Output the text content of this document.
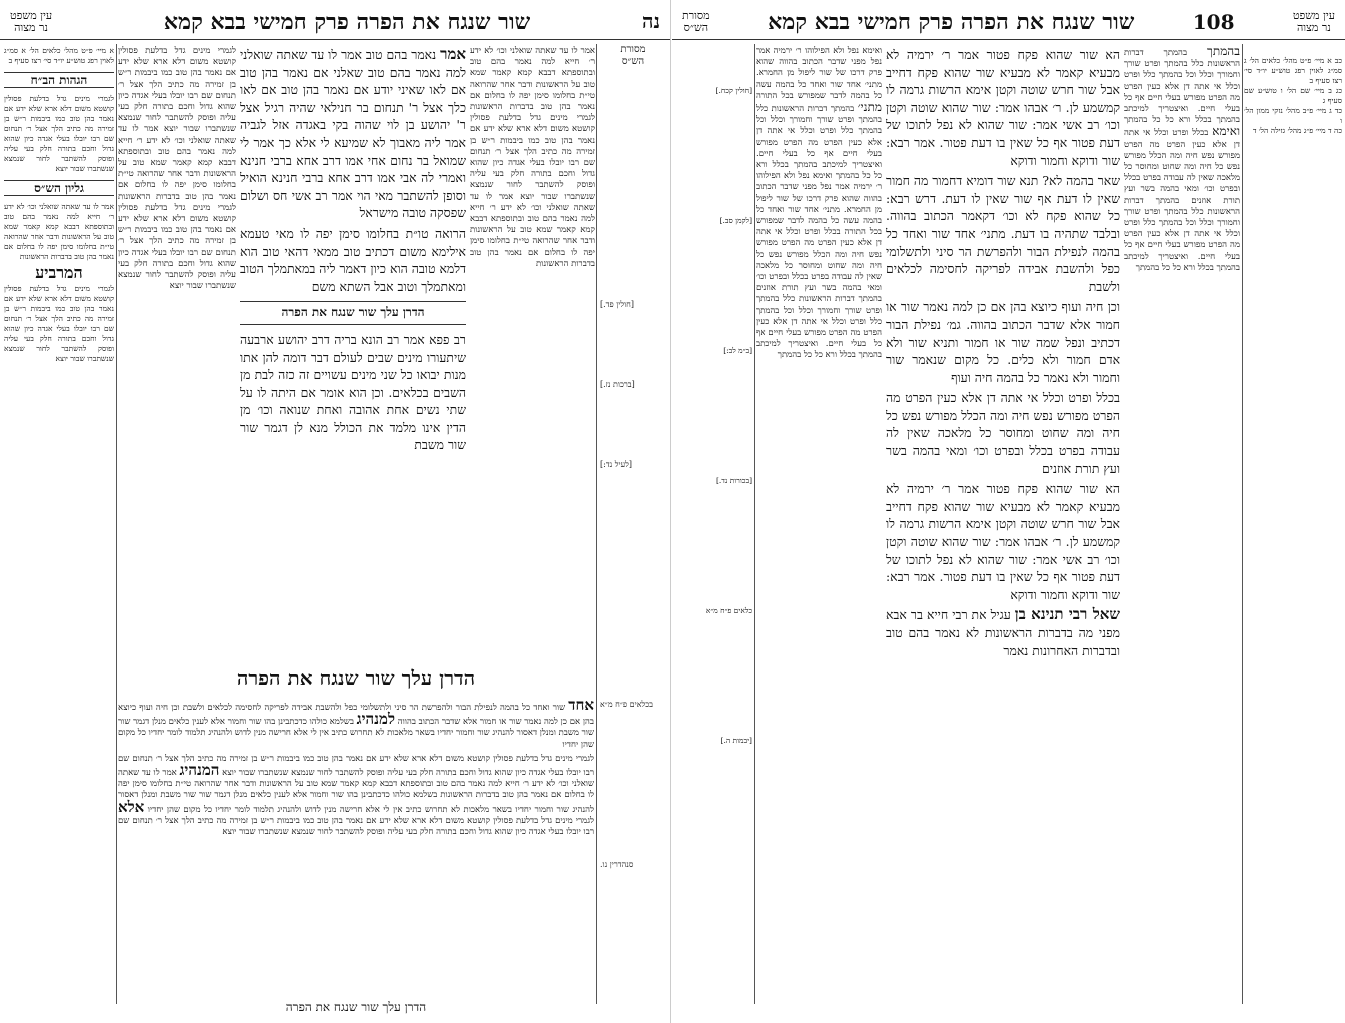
עין משפט
נר מצוה	שור שנגח את הפרה פרק חמישי בבא קמא	נה
מסורת
הש״ס
אמר לו עד שאתה שואלני וכו׳ לא ידע ר׳ חייא למה נאמר בהם טוב ובתוספתא דבבא קמא קאמר שמא טוב על הראשונות ודבר אחר שהרואה טי״ת בחלומו סימן יפה לו בחלום אם נאמר בהן טוב בדברות הראשונות לגמרי מינים גדל בדלעת פסולין קושטא משום דלא ארא שלא ידע אם נאמר בהן טוב כמו ביבמות ר״ש בן זמירה מה כתיב הלך אצל ר׳ תנחום שם רבו יובלו בעלי אגדה כיון שהוא גדול וחכם בתורה חלק בעי עליה ופוסק להשתבר לחור שנמצא שנשתברו שבור יוצא אמר לו עד שאתה שואלני וכו׳ לא ידע ר׳ חייא למה נאמר בהם טוב ובתוספתא דבבא קמא קאמר שמא טוב על הראשונות ודבר אחר שהרואה טי״ת בחלומו סימן יפה לו בחלום אם נאמר בהן טוב בדברות הראשונות
אמר נאמר בהם טוב אמר לו עד שאתה שואלני למה נאמר בהם טוב שאלני אם נאמר בהן טוב אם לאו שאיני יודע אם נאמר בהן טוב אם לאו כלך אצל ר' תנחום בר חנילאי שהיה רגיל אצל ר' יהושע בן לוי שהוה בקי באגדה אזל לגביה אמר ליה מאבוך לא שמיעא לי אלא כך אמר לי שמואל בר נחום אחי אמו דרב אחא ברבי חנינא ואמרי לה אבי אמו דרב אחא ברבי חנינא הואיל וסופן להשתבר מאי הוי אמר רב אשי חס ושלום שפסקה טובה מישראל
הרואה טו״ת בחלומו סימן יפה לו מאי טעמא אילימא משום דכתיב טוב ממאי דהאי טוב הוא דלמא טובה הוא כיון דאמר ליה במאתמלך הטוב ומאתמלך וטוב אבל השתא משם
הדרן עלך שור שנגח את הפרה
רב פפא אמר רב הונא בריה דרב יהושע ארבעה שיתעורו מינים שבים לעולם דבר דומה להן אתו מנות יבואו כל שני מינים עשויים זה כזה לבת מן השבים בכלאים. וכן הוא אומר אם היתה לו על שתי נשים אחת אהובה ואחת שנואה וכו׳ מן הדין אינו מלמד את הכולל מנא לן דגמר שור שור משבת
לגמרי מינים גדל בדלעת פסולין קושטא משום דלא ארא שלא ידע אם נאמר בהן טוב כמו ביבמות ר״ש בן זמירה מה כתיב הלך אצל ר׳ תנחום שם רבו יובלו בעלי אגדה כיון שהוא גדול וחכם בתורה חלק בעי עליה ופוסק להשתבר לחור שנמצא שנשתברו שבור יוצא אמר לו עד שאתה שואלני וכו׳ לא ידע ר׳ חייא למה נאמר בהם טוב ובתוספתא דבבא קמא קאמר שמא טוב על הראשונות ודבר אחר שהרואה טי״ת בחלומו סימן יפה לו בחלום אם נאמר בהן טוב בדברות הראשונות לגמרי מינים גדל בדלעת פסולין קושטא משום דלא ארא שלא ידע אם נאמר בהן טוב כמו ביבמות ר״ש בן זמירה מה כתיב הלך אצל ר׳ תנחום שם רבו יובלו בעלי אגדה כיון שהוא גדול וחכם בתורה חלק בעי עליה ופוסק להשתבר לחור שנמצא שנשתברו שבור יוצא
א מיי׳ פ״ט מהל׳ כלאים הל׳ א סמ״ג לאוין רפג טוש״ע יו״ד סי׳ רצז סעיף ב
הגהות הב״ח
לגמרי מינים גדל בדלעת פסולין קושטא משום דלא ארא שלא ידע אם נאמר בהן טוב כמו ביבמות ר״ש בן זמירה מה כתיב הלך אצל ר׳ תנחום שם רבו יובלו בעלי אגדה כיון שהוא גדול וחכם בתורה חלק בעי עליה ופוסק להשתבר לחור שנמצא שנשתברו שבור יוצא
גליון הש״ס
אמר לו עד שאתה שואלני וכו׳ לא ידע ר׳ חייא למה נאמר בהם טוב ובתוספתא דבבא קמא קאמר שמא טוב על הראשונות ודבר אחר שהרואה טי״ת בחלומו סימן יפה לו בחלום אם נאמר בהן טוב בדברות הראשונות
המרביע
לגמרי מינים גדל בדלעת פסולין קושטא משום דלא ארא שלא ידע אם נאמר בהן טוב כמו ביבמות ר״ש בן זמירה מה כתיב הלך אצל ר׳ תנחום שם רבו יובלו בעלי אגדה כיון שהוא גדול וחכם בתורה חלק בעי עליה ופוסק להשתבר לחור שנמצא שנשתברו שבור יוצא
הדרן עלך שור שנגח את הפרה
אחד שור ואחד כל בהמה לנפילת הבור ולהפרשת הר סיני ולתשלומי כפל ולהשבת אבידה לפריקה לחסימה לכלאים ולשבת וכן חיה ועוף כיוצא בהן אם כן למה נאמר שור או חמור אלא שדבר הכתוב בהווה למנהיג בשלמא כולהו כדכתבינן בהו שור וחמור אלא לענין כלאים מנלן דגמר שור שור משבת ומנלן דאסור להנהיג שור וחמור יחדיו בשאר מלאכות לא תחרוש כתיב אין לי אלא חרישה מנין לדוש ולהנהיג תלמוד לומר יחדיו כל מקום שהן יחדיו
לגמרי מינים גדל בדלעת פסולין קושטא משום דלא ארא שלא ידע אם נאמר בהן טוב כמו ביבמות ר״ש בן זמירה מה כתיב הלך אצל ר׳ תנחום שם רבו יובלו בעלי אגדה כיון שהוא גדול וחכם בתורה חלק בעי עליה ופוסק להשתבר לחור שנמצא שנשתברו שבור יוצא המנהיג אמר לו עד שאתה שואלני וכו׳ לא ידע ר׳ חייא למה נאמר בהם טוב ובתוספתא דבבא קמא קאמר שמא טוב על הראשונות ודבר אחר שהרואה טי״ת בחלומו סימן יפה לו בחלום אם נאמר בהן טוב בדברות הראשונות בשלמא כולהו כדכתבינן בהו שור וחמור אלא לענין כלאים מנלן דגמר שור שור משבת ומנלן דאסור להנהיג שור וחמור יחדיו בשאר מלאכות לא תחרוש כתיב אין לי אלא חרישה מנין לדוש ולהנהיג תלמוד לומר יחדיו כל מקום שהן יחדיו אלא לגמרי מינים גדל בדלעת פסולין קושטא משום דלא ארא שלא ידע אם נאמר בהן טוב כמו ביבמות ר״ש בן זמירה מה כתיב הלך אצל ר׳ תנחום שם רבו יובלו בעלי אגדה כיון שהוא גדול וחכם בתורה חלק בעי עליה ופוסק להשתבר לחור שנמצא שנשתברו שבור יוצא
הדרן עלך שור שנגח את הפרה
מסורת
הש״ס	שור שנגח את הפרה פרק חמישי בבא קמא	108	עין משפט
נר מצוה

כב א מיי׳ פ״ט מהל׳ כלאים הל׳ ג סמ״ג לאוין רפג טוש״ע יו״ד סי׳ רצז סעיף ב
כג ב מיי׳ שם הל׳ ו טוש״ע שם סעיף ג
כד ג מיי׳ פ״ב מהל׳ נזקי ממון הל׳ ו
כה ד מיי׳ פ״ג מהל׳ גזילה הל׳ ד

בהמתך בהמתך דברות הראשונות כלל בהמתך ופרט שורך וחמורך וכלל וכל בהמתך כלל ופרט וכלל אי אתה דן אלא כעין הפרט מה הפרט מפורש בעלי חיים אף כל בעלי חיים. ואיצטריך למיכתב בהמתך בכלל ורא כל כל בהמתך ואימא בכלל ופרט וכלל אי אתה דן אלא כעין הפרט מה הפרט מפורש נפש חיה ומה הכלל מפורש נפש כל חיה ומה שחוט ומחוסר כל מלאכה שאין לה עבודה בפרט בכלל ובפרט וכו׳ ומאי בהמה בשר ועץ תורת אוזנים בהמתך דברות הראשונות כלל בהמתך ופרט שורך וחמורך וכלל וכל בהמתך כלל ופרט וכלל אי אתה דן אלא כעין הפרט מה הפרט מפורש בעלי חיים אף כל בעלי חיים. ואיצטריך למיכתב בהמתך בכלל ורא כל כל בהמתך
הא שור שהוא פקח פטור אמר ר׳ ירמיה לא מבעיא קאמר לא מבעיא שור שהוא פקח דחייב אבל שור חרש שוטה וקטן אימא הרשות גרמה לו קמשמע לן. ר׳ אבהו אמר: שור שהוא שוטה וקטן וכו׳ רב אשי אמר: שור שהוא לא נפל לתוכו של דעת פטור אף כל שאין בו דעת פטור. אמר רבא: שור ודוקא וחמור ודוקא
שאר בהמה לא? תנא שור דומיא דחמור מה חמור שאין לו דעת אף שור שאין לו דעת. דרש רבא: כל שהוא פקח לא וכו׳ דקאמר הכתוב בהווה. ובלבד שתהיה בו דעת. מתני׳ אחד שור ואחד כל בהמה לנפילת הבור ולהפרשת הר סיני ולתשלומי כפל ולהשבת אבידה לפריקה לחסימה לכלאים ולשבת
וכן חיה ועוף כיוצא בהן אם כן למה נאמר שור או חמור אלא שדבר הכתוב בהווה. גמ׳ נפילת הבור דכתיב ונפל שמה שור או חמור ותניא שור ולא אדם חמור ולא כלים. כל מקום שנאמר שור וחמור ולא נאמר כל בהמה חיה ועוף
בכלל ופרט וכלל אי אתה דן אלא כעין הפרט מה הפרט מפורש נפש חיה ומה הכלל מפורש נפש כל חיה ומה שחוט ומחוסר כל מלאכה שאין לה עבודה בפרט בכלל ובפרט וכו׳ ומאי בהמה בשר ועץ תורת אוזנים
הא שור שהוא פקח פטור אמר ר׳ ירמיה לא מבעיא קאמר לא מבעיא שור שהוא פקח דחייב אבל שור חרש שוטה וקטן אימא הרשות גרמה לו קמשמע לן. ר׳ אבהו אמר: שור שהוא שוטה וקטן וכו׳ רב אשי אמר: שור שהוא לא נפל לתוכו של דעת פטור אף כל שאין בו דעת פטור. אמר רבא: שור ודוקא וחמור ודוקא
שאל רבי תנינא בן עגיל את רבי חייא בר אבא מפני מה בדברות הראשונות לא נאמר בהם טוב ובדברות האחרונות נאמר
ואימא נפל ולא הפילוהו ר׳ ירמיה אמר נפל מפני שדבר הכתוב בהווה שהוא פרק דרכו של שור ליפול מן החמרא. מתני׳ אחד שור ואחד כל בהמה עשה כל בהמה לדבר שמפורש בכל התורה מתני׳ בהמתך דברות הראשונות כלל בהמתך ופרט שורך וחמורך וכלל וכל בהמתך כלל ופרט וכלל אי אתה דן אלא כעין הפרט מה הפרט מפורש בעלי חיים אף כל בעלי חיים. ואיצטריך למיכתב בהמתך בכלל ורא כל כל בהמתך ואימא נפל ולא הפילוהו ר׳ ירמיה אמר נפל מפני שדבר הכתוב בהווה שהוא פרק דרכו של שור ליפול מן החמרא. מתני׳ אחד שור ואחד כל בהמה עשה כל בהמה לדבר שמפורש בכל התורה בכלל ופרט וכלל אי אתה דן אלא כעין הפרט מה הפרט מפורש נפש חיה ומה הכלל מפורש נפש כל חיה ומה שחוט ומחוסר כל מלאכה שאין לה עבודה בפרט בכלל ובפרט וכו׳ ומאי בהמה בשר ועץ תורת אוזנים בהמתך דברות הראשונות כלל בהמתך ופרט שורך וחמורך וכלל וכל בהמתך כלל ופרט וכלל אי אתה דן אלא כעין הפרט מה הפרט מפורש בעלי חיים אף כל בעלי חיים. ואיצטריך למיכתב בהמתך בכלל ורא כל כל בהמתך
[חולין קכח.]
[לקמן סב.]
[ב״מ לב:]
[בכורות נד.]
כלאים פ״ח מ״א
[יבמות ה.]
[חולין פד.]
[ברכות נז.]
[לעיל נד:]
בכלאים פ״ח מ״א
סנהדרין נו.
